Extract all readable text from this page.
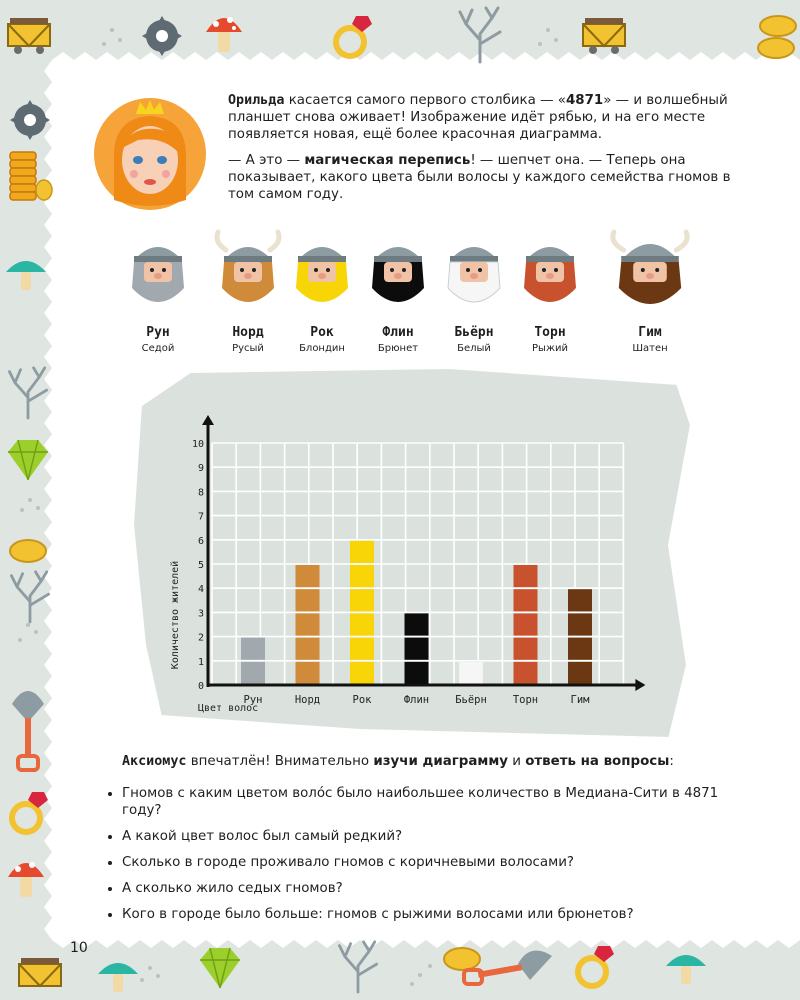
Орильда касается самого первого столбика — «4871» — и волшебный планшет снова оживает! Изображение идёт рябью, и на его месте появляется новая, ещё более красочная диаграмма.
— А это — магическая перепись! — шепчет она. — Теперь она показывает, какого цвета были волосы у каждого семейства гномов в том самом году.
Рун
Седой
Норд
Русый
Рок
Блондин
Флин
Брюнет
Бьёрн
Белый
Торн
Рыжий
Гим
Шатен
Рун	Норд	Рок	Флин Бьёрн Торн	Гим
0
1
2
3
4
5
6
7
8
9
10
Количество жителей
Цвет волос
Аксиомус впечатлён! Внимательно изучи диаграмму и ответь на вопросы:
• Гномов с каким цветом воло́с было наибольшее количество в Медиана-Сити в 4871 году?
• А какой цвет волос был самый редкий?
• Сколько в городе проживало гномов с коричневыми волосами?
• А сколько жило седых гномов?
• Кого в городе было больше: гномов с рыжими волосами или брюнетов?
10
